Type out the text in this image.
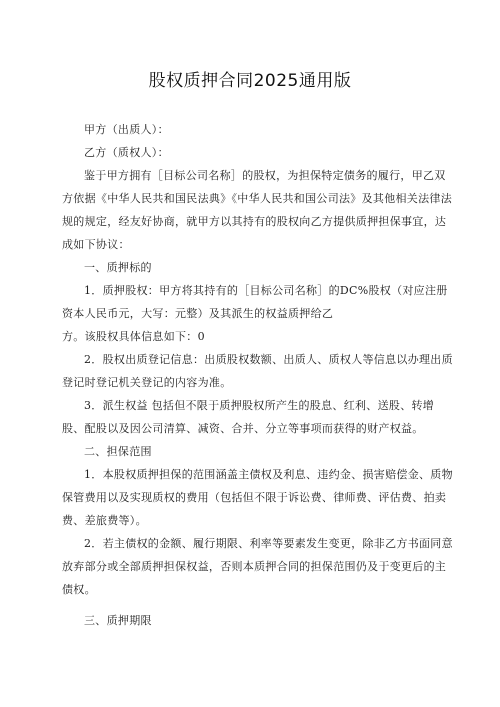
股权质押合同2025通用版

甲方（出质人）：

乙方（质权人）：

鉴于甲方拥有［目标公司名称］的股权，为担保特定债务的履行，甲乙双方依据《中华人民共和国民法典》《中华人民共和国公司法》及其他相关法律法规的规定，经友好协商，就甲方以其持有的股权向乙方提供质押担保事宜，达成如下协议：

一、质押标的

1．质押股权：甲方将其持有的［目标公司名称］的DC%股权（对应注册资本人民币元，大写：元整）及其派生的权益质押给乙

方。该股权具体信息如下：0

2．股权出质登记信息：出质股权数额、出质人、质权人等信息以办理出质登记时登记机关登记的内容为准。

3．派生权益 包括但不限于质押股权所产生的股息、红利、送股、转增股、配股以及因公司清算、减资、合并、分立等事项而获得的财产权益。

二、担保范围

1．本股权质押担保的范围涵盖主债权及利息、违约金、损害赔偿金、质物保管费用以及实现质权的费用（包括但不限于诉讼费、律师费、评估费、拍卖费、差旅费等）。

2．若主债权的金额、履行期限、利率等要素发生变更，除非乙方书面同意放弃部分或全部质押担保权益，否则本质押合同的担保范围仍及于变更后的主债权。

三、质押期限
